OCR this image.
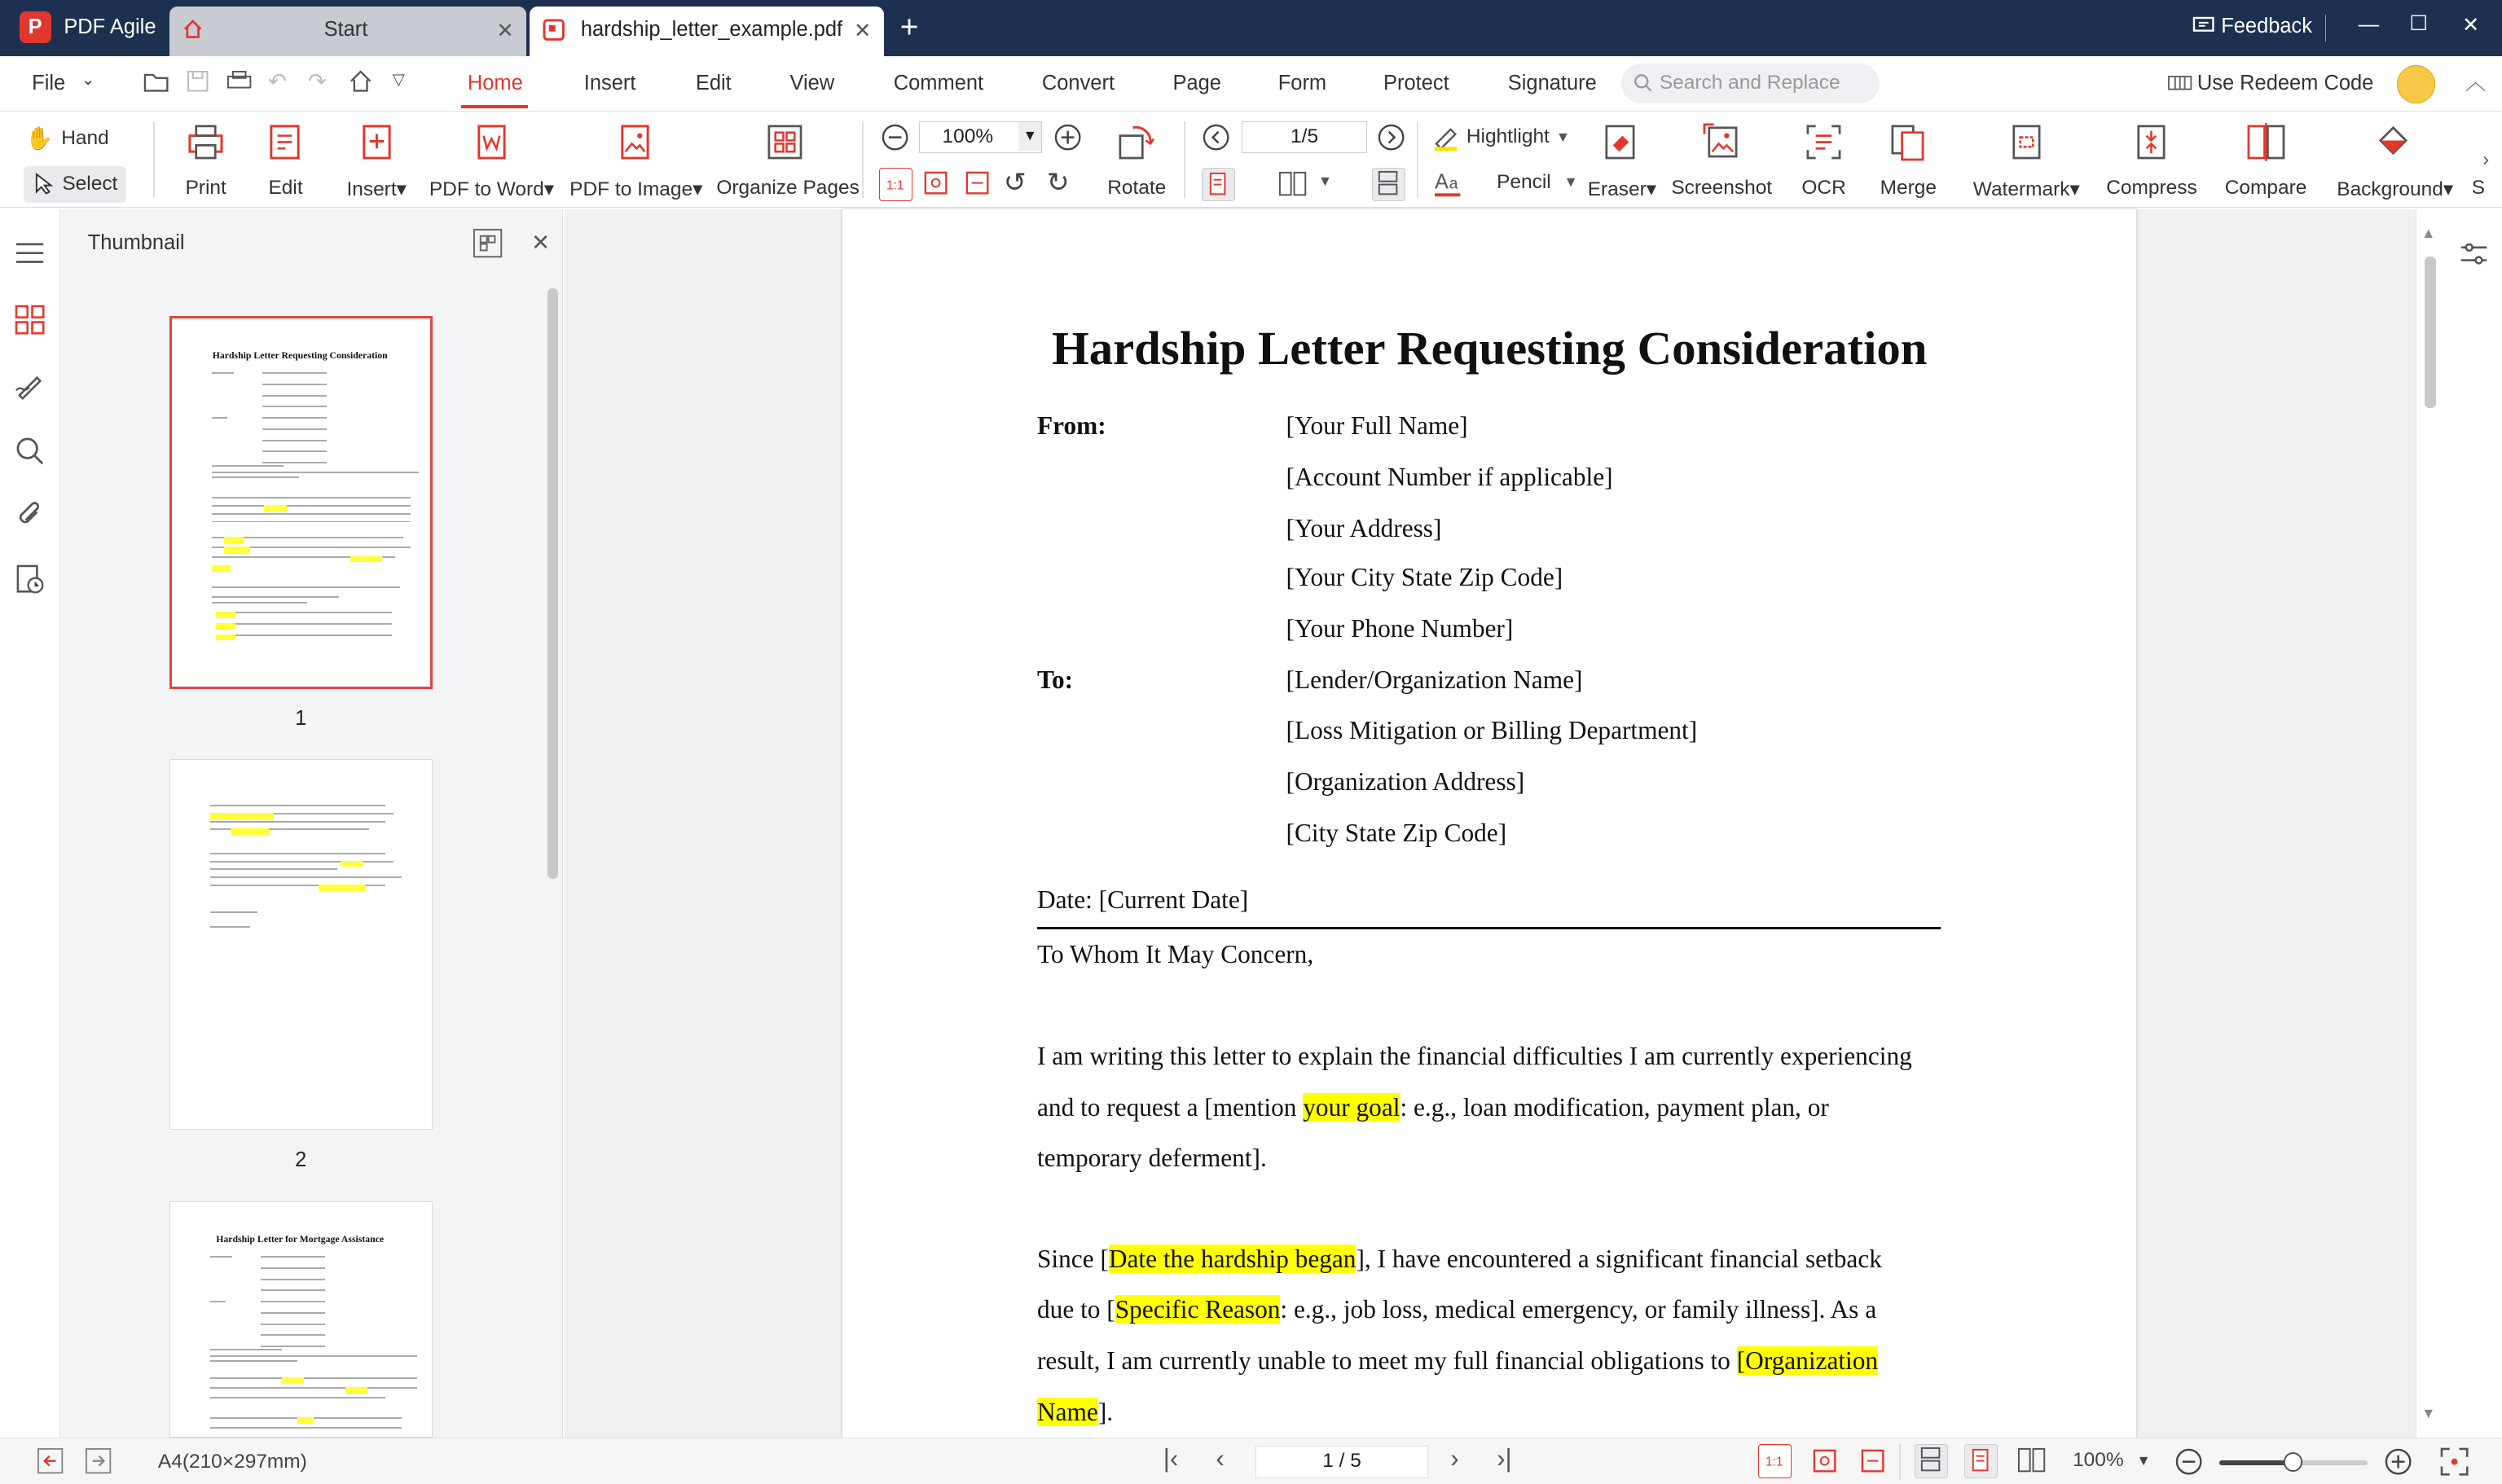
P	PDF Agile	Start	✕	hardship_letter_example.pdf ✕ +	Feedback	—	☐	✕
File ⌄	↶ ↷	▽	Home	Insert	Edit	View	Comment	Convert	Page	Form	Protect	Signature	Search and Replace	Use Redeem Code	︿
✋ Hand
Select	Print	Edit	Insert▾	PDF to Word▾ PDF to Image▾ Organize Pages
100%	▼
1:1	↺ ↻	Rotate
1/5
▼
Hightlight ▼
A a	Pencil ▼ Eraser▾ Screenshot	OCR	Merge	Watermark▾	Compress	Compare	Background▾ S
›
Thumbnail	✕
Hardship Letter Requesting Consideration
1
2
Hardship Letter for Mortgage Assistance
Hardship Letter Requesting Consideration
From:	[Your Full Name]
[Account Number if applicable]
[Your Address]
[Your City State Zip Code]
[Your Phone Number]
To:	[Lender/Organization Name]
[Loss Mitigation or Billing Department]
[Organization Address]
[City State Zip Code]
Date: [Current Date]
To Whom It May Concern,
I am writing this letter to explain the financial difficulties I am currently experiencing
and to request a [mention your goal: e.g., loan modification, payment plan, or
temporary deferment].
Since [Date the hardship began], I have encountered a significant financial setback
due to [Specific Reason: e.g., job loss, medical emergency, or family illness]. As a
result, I am currently unable to meet my full financial obligations to [Organization
Name].
▲
▼
A4(210×297mm)	|‹	‹	1 / 5	›	›|	1:1	100% ▼
